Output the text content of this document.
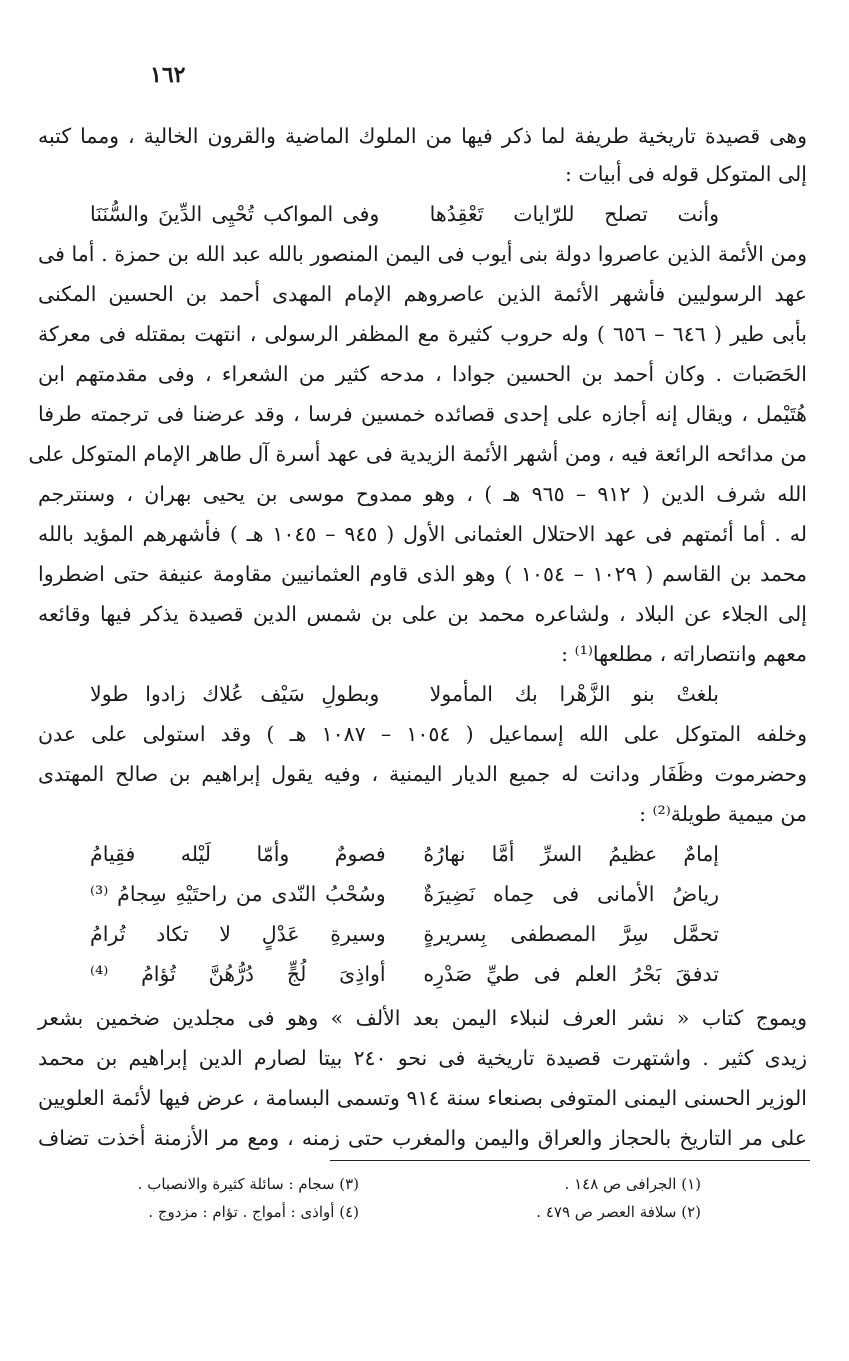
١٦٢
وهى قصيدة تاريخية طريفة لما ذكر فيها من الملوك الماضية والقرون الخالية ، ومما كتبه
إلى المتوكل قوله فى أبيات :
وأنت تصلح للرّايات تَعْقِدُها
وفى المواكب تُحْيِى الدِّينَ والسُّنَنَا
ومن الأئمة الذين عاصروا دولة بنى أيوب فى اليمن المنصور بالله عبد الله بن حمزة . أما فى
عهد الرسوليين فأشهر الأئمة الذين عاصروهم الإمام المهدى أحمد بن الحسين المكنى
بأبى طير ( ٦٤٦ – ٦٥٦ ) وله حروب كثيرة مع المظفر الرسولى ، انتهت بمقتله فى معركة
الحَصَبات . وكان أحمد بن الحسين جوادا ، مدحه كثير من الشعراء ، وفى مقدمتهم ابن
هُتَيْمل ، ويقال إنه أجازه على إحدى قصائده خمسين فرسا ، وقد عرضنا فى ترجمته طرفا
من مدائحه الرائعة فيه ، ومن أشهر الأئمة الزيدية فى عهد أسرة آل طاهر الإمام المتوكل على
الله شرف الدين ( ٩١٢ – ٩٦٥ هـ ) ، وهو ممدوح موسى بن يحيى بهران ، وسنترجم
له . أما أئمتهم فى عهد الاحتلال العثمانى الأول ( ٩٤٥ – ١٠٤٥ هـ ) فأشهرهم المؤيد بالله
محمد بن القاسم ( ١٠٢٩ – ١٠٥٤ ) وهو الذى قاوم العثمانيين مقاومة عنيفة حتى اضطروا
إلى الجلاء عن البلاد ، ولشاعره محمد بن على بن شمس الدين قصيدة يذكر فيها وقائعه
معهم وانتصاراته ، مطلعها⁽¹⁾ :
بلغتْ بنو الزَّهْرا بك المأمولا
وبطولِ سَيْف عُلاك زادوا طولا
وخلفه المتوكل على الله إسماعيل ( ١٠٥٤ – ١٠٨٧ هـ ) وقد استولى على عدن
وحضرموت وظَفَار ودانت له جميع الديار اليمنية ، وفيه يقول إبراهيم بن صالح المهتدى
من ميمية طويلة⁽²⁾ :
إمامٌ عظيمُ السرِّ أمَّا نهارُهُ
فصومٌ وأمّا لَيْله فقِيامُ
رياضُ الأمانى فى حِماه نَضِيرَةٌ
وسُحْبُ النّدى من راحتَيْهِ سِجامُ ⁽³⁾
تحمَّل سِرَّ المصطفى بِسريرةٍ
وسيرةِ عَدْلٍ لا تكاد تُرامُ
تدفقَ بَحْرُ العلم فى طيِّ صَدْرِه
أواذِىَ لُجٍّ دُرُّهُنَّ تُؤامُ ⁽⁴⁾
ويموج كتاب « نشر العرف لنبلاء اليمن بعد الألف » وهو فى مجلدين ضخمين بشعر
زيدى كثير . واشتهرت قصيدة تاريخية فى نحو ٢٤٠ بيتا لصارم الدين إبراهيم بن محمد
الوزير الحسنى اليمنى المتوفى بصنعاء سنة ٩١٤ وتسمى البسامة ، عرض فيها لأئمة العلويين
على مر التاريخ بالحجاز والعراق واليمن والمغرب حتى زمنه ، ومع مر الأزمنة أخذت تضاف
(١) الجرافى ص ١٤٨ .
(٢) سلافة العصر ص ٤٧٩ .
(٣) سجام : سائلة كثيرة والانصباب .
(٤) أواذى : أمواج . تؤام : مزدوج .
